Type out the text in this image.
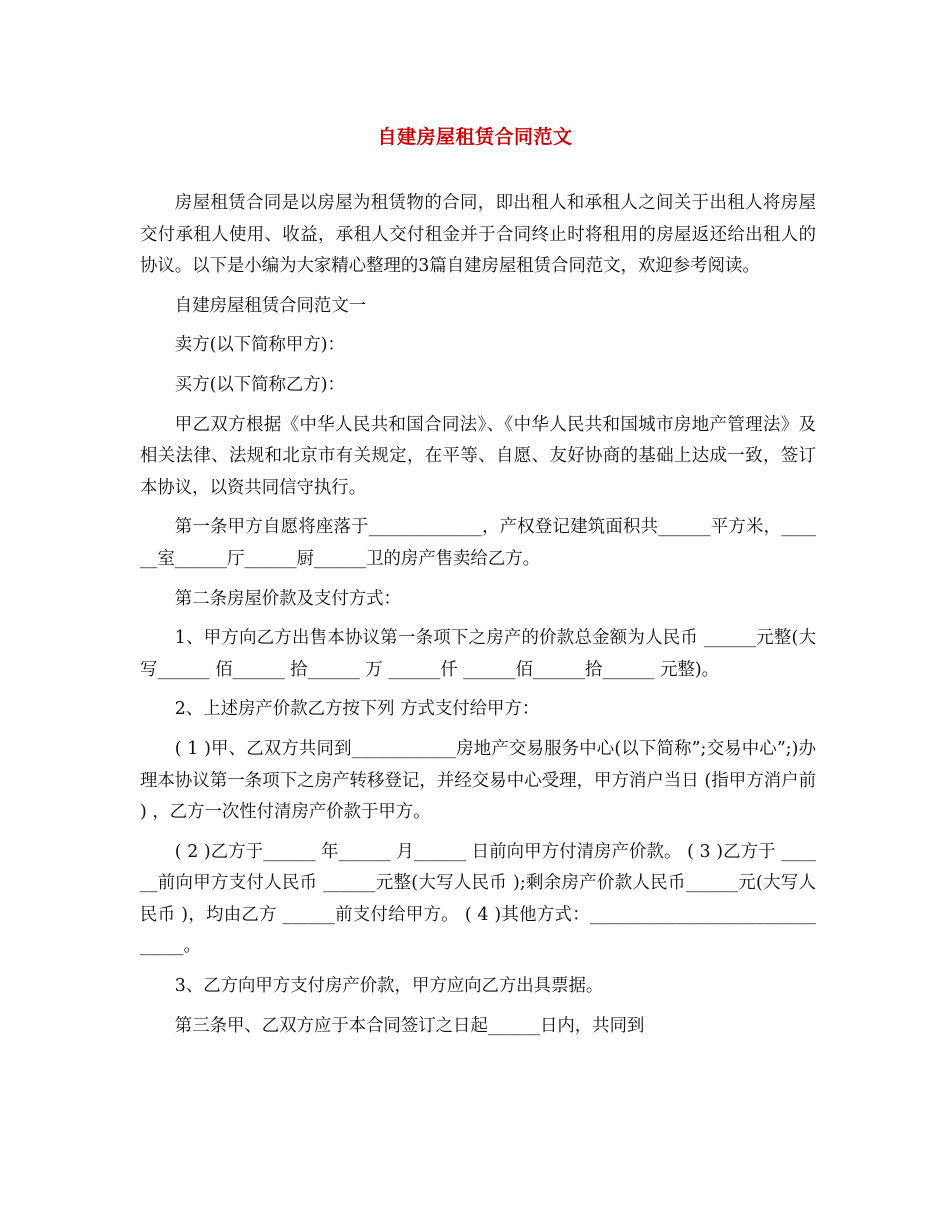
自建房屋租赁合同范文

房屋租赁合同是以房屋为租赁物的合同，即出租人和承租人之间关于出租人将房屋交付承租人使用、收益，承租人交付租金并于合同终止时将租用的房屋返还给出租人的协议。以下是小编为大家精心整理的3篇自建房屋租赁合同范文，欢迎参考阅读。

自建房屋租赁合同范文一

卖方(以下简称甲方)：

买方(以下简称乙方)：

甲乙双方根据《中华人民共和国合同法》、《中华人民共和国城市房地产管理法》及相关法律、法规和北京市有关规定，在平等、自愿、友好协商的基础上达成一致，签订本协议，以资共同信守执行。

第一条甲方自愿将座落于_____________，产权登记建筑面积共______平方米，______室______厅______厨______卫的房产售卖给乙方。

第二条房屋价款及支付方式：

1、甲方向乙方出售本协议第一条项下之房产的价款总金额为人民币 ______元整(大写______ 佰______ 拾______ 万 ______仟 ______佰______拾______ 元整)。

2、上述房产价款乙方按下列 方式支付给甲方：

( 1 )甲、乙双方共同到____________房地产交易服务中心(以下简称”;交易中心”;)办理本协议第一条项下之房产转移登记，并经交易中心受理，甲方消户当日 (指甲方消户前 ) ，乙方一次性付清房产价款于甲方。

( 2 )乙方于______ 年______ 月______ 日前向甲方付清房产价款。 ( 3 )乙方于 ______前向甲方支付人民币 ______元整(大写人民币 );剩余房产价款人民币______元(大写人民币 )，均由乙方 ______前支付给甲方。 ( 4 )其他方式：_______________________________。

3、乙方向甲方支付房产价款，甲方应向乙方出具票据。

第三条甲、乙双方应于本合同签订之日起______日内，共同到
